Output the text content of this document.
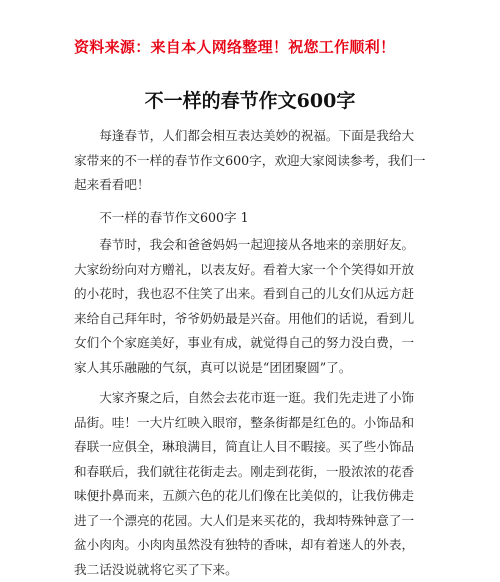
资料来源：来自本人网络整理！祝您工作顺利！
不一样的春节作文600字

每逢春节，人们都会相互表达美妙的祝福。下面是我给大家带来的不一样的春节作文600字，欢迎大家阅读参考，我们一起来看看吧！

不一样的春节作文600字 1

春节时，我会和爸爸妈妈一起迎接从各地来的亲朋好友。大家纷纷向对方赠礼，以表友好。看着大家一个个笑得如开放的小花时，我也忍不住笑了出来。看到自己的儿女们从远方赶来给自己拜年时，爷爷奶奶最是兴奋。用他们的话说，看到儿女们个个家庭美好，事业有成，就觉得自己的努力没白费，一家人其乐融融的气氛，真可以说是“团团聚圆”了。

大家齐聚之后，自然会去花市逛一逛。我们先走进了小饰品街。哇！一大片红映入眼帘，整条街都是红色的。小饰品和春联一应俱全，琳琅满目，简直让人目不暇接。买了些小饰品和春联后，我们就往花街走去。刚走到花街，一股浓浓的花香味便扑鼻而来，五颜六色的花儿们像在比美似的，让我仿佛走进了一个漂亮的花园。大人们是来买花的，我却特殊钟意了一盆小肉肉。小肉肉虽然没有独特的香味，却有着迷人的外表，我二话没说就将它买了下来。
